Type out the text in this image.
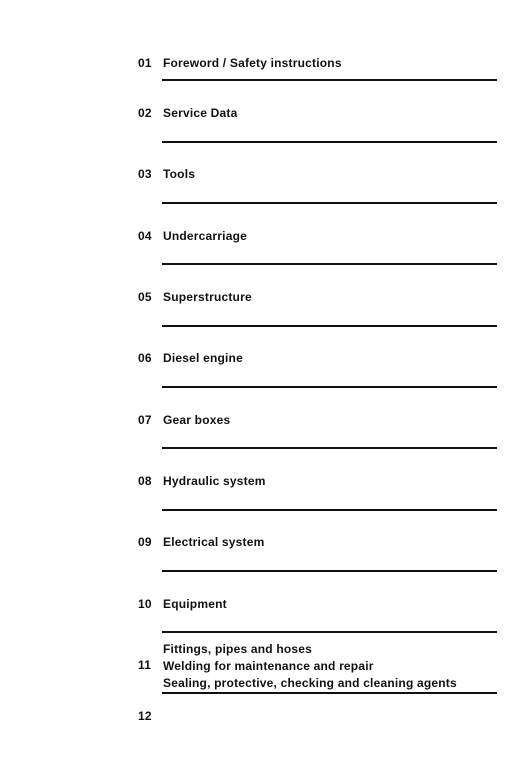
01 Foreword / Safety instructions
02 Service Data
03 Tools
04 Undercarriage
05 Superstructure
06 Diesel engine
07 Gear boxes
08 Hydraulic system
09 Electrical system
10 Equipment
11
Fittings, pipes and hoses
Welding for maintenance and repair
Sealing, protective, checking and cleaning agents
12
